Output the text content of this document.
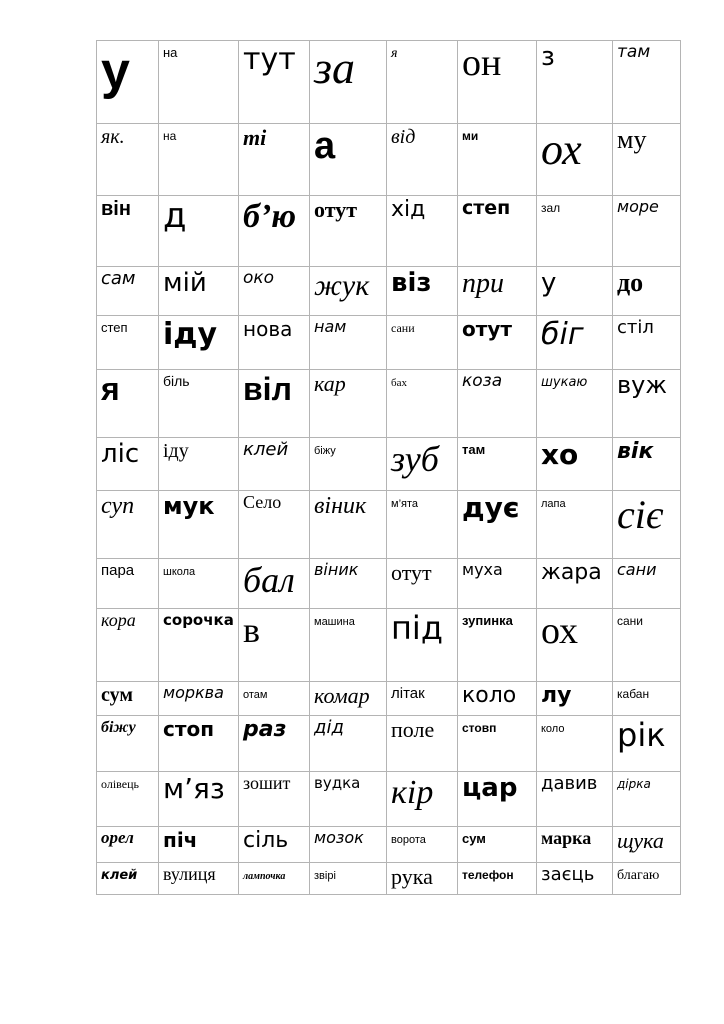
у	на	тут	за	я	он	з	там
як.	на	ті	а	від	ми	ох	му
він	д	б’ю	отут	хід	степ	зал	море
сам	мій	око	жук	віз	при	у	до
степ	іду	нова	нам	сани	отут	біг	стіл
я	біль	віл	кар	бах	коза	шукаю	вуж
ліс	іду	клей	біжу	зуб	там	хо	вік
суп	мук	Село	віник	м’ята	дує	лапа	сіє
пара	школа	бал	віник	отут	муха	жара	сани
кора	сорочка	в	машина	під	зупинка	ох	сани
сум	морква	отам	комар	літак	коло	лу	кабан
біжу	стоп	раз	дід	поле	стовп	коло	рік
олівець	м’яз	зошит	вудка	кір	цар	давив	дірка
орел	піч	сіль	мозок	ворота	сум	марка	щука
клей	вулиця	лампочка	звірі	рука	телефон	заєць	благаю
